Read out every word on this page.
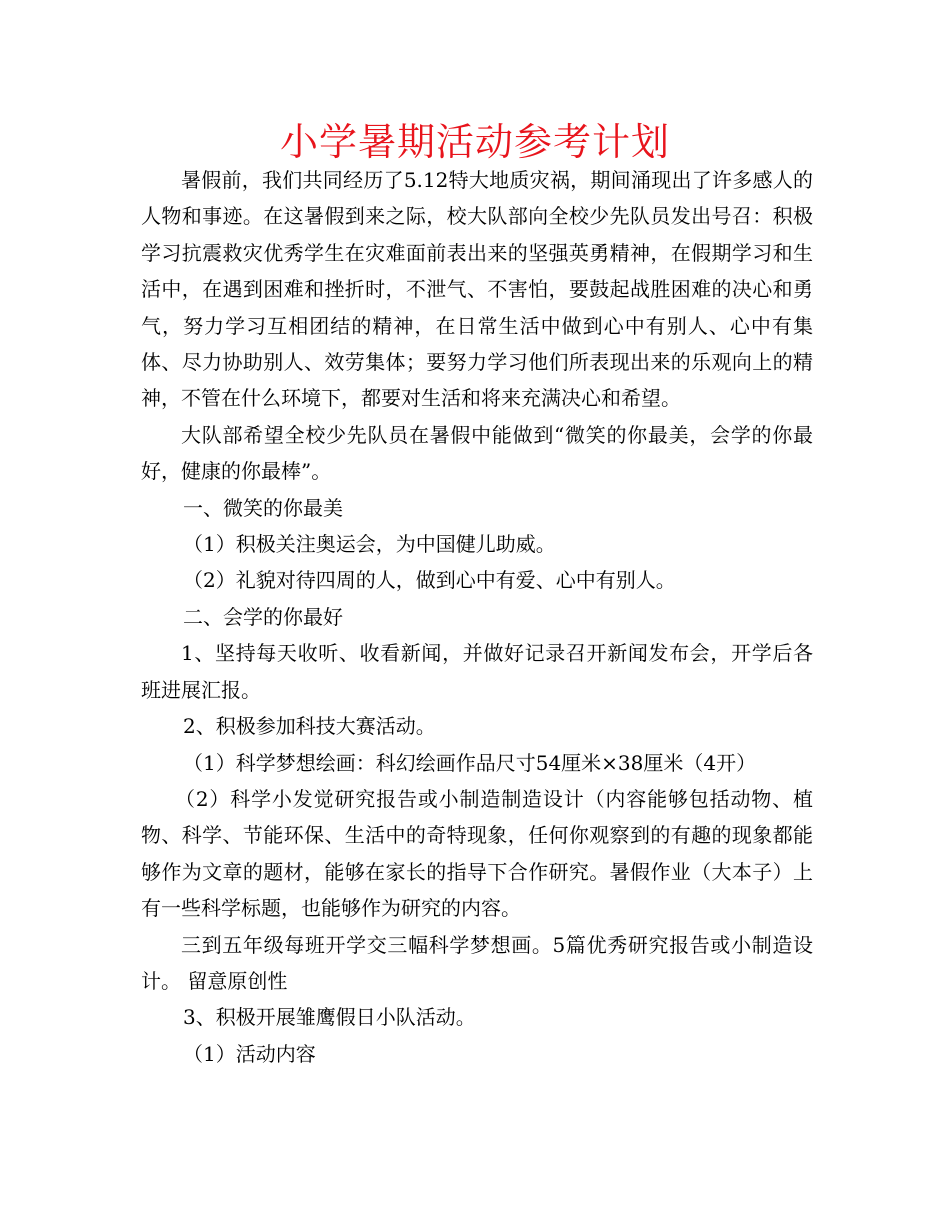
小学暑期活动参考计划

暑假前，我们共同经历了5.12特大地质灾祸，期间涌现出了许多感人的人物和事迹。在这暑假到来之际，校大队部向全校少先队员发出号召：积极学习抗震救灾优秀学生在灾难面前表出来的坚强英勇精神，在假期学习和生活中，在遇到困难和挫折时，不泄气、不害怕，要鼓起战胜困难的决心和勇气，努力学习互相团结的精神，在日常生活中做到心中有别人、心中有集体、尽力协助别人、效劳集体；要努力学习他们所表现出来的乐观向上的精神，不管在什么环境下，都要对生活和将来充满决心和希望。

大队部希望全校少先队员在暑假中能做到“微笑的你最美，会学的你最好，健康的你最棒”。

一、微笑的你最美

（1）积极关注奥运会，为中国健儿助威。

（2）礼貌对待四周的人，做到心中有爱、心中有别人。

二、会学的你最好

1、坚持每天收听、收看新闻，并做好记录召开新闻发布会，开学后各班进展汇报。

2、积极参加科技大赛活动。

（1）科学梦想绘画：科幻绘画作品尺寸54厘米×38厘米（4开）

（2）科学小发觉研究报告或小制造制造设计（内容能够包括动物、植物、科学、节能环保、生活中的奇特现象，任何你观察到的有趣的现象都能够作为文章的题材，能够在家长的指导下合作研究。暑假作业（大本子）上有一些科学标题，也能够作为研究的内容。

三到五年级每班开学交三幅科学梦想画。5篇优秀研究报告或小制造设计。 留意原创性

3、积极开展雏鹰假日小队活动。

（1）活动内容
